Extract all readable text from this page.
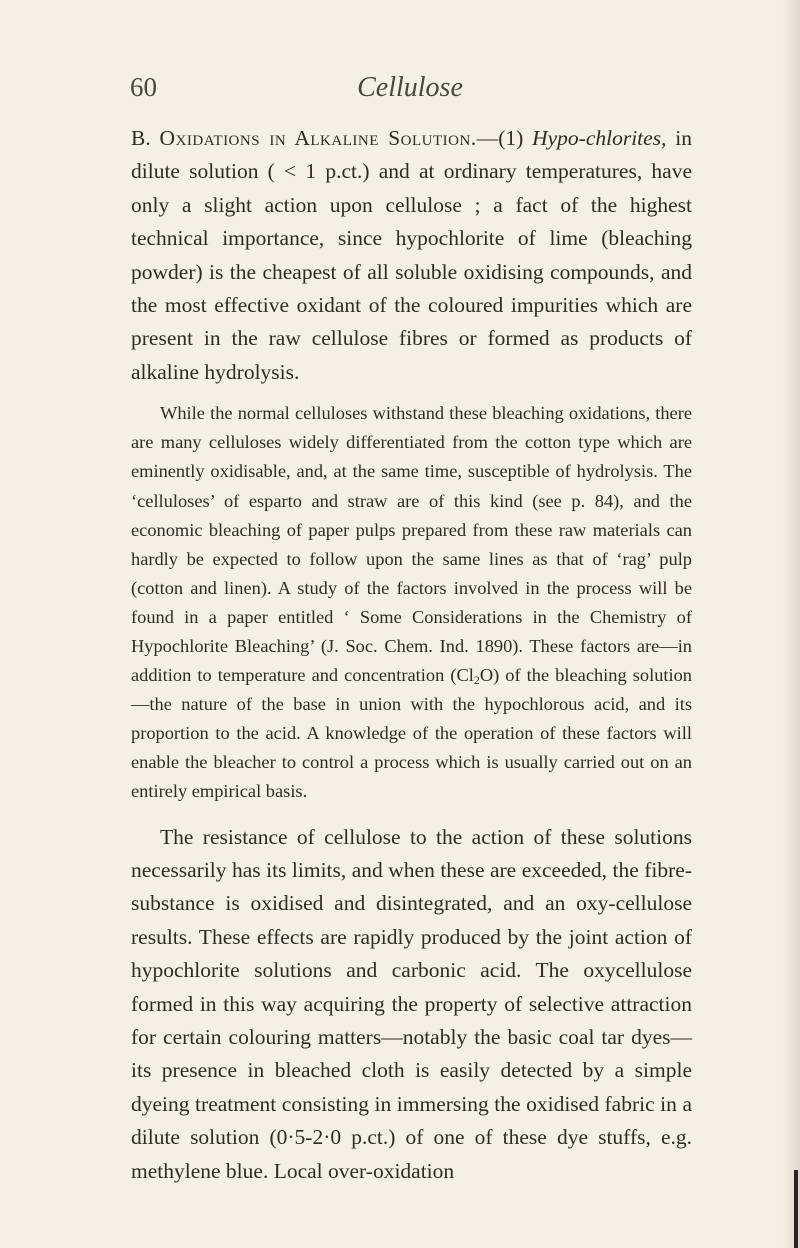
60	Cellulose

B. Oxidations in Alkaline Solution.—(1) Hypo-chlorites, in dilute solution ( < 1 p.ct.) and at ordinary temperatures, have only a slight action upon cellulose ; a fact of the highest technical importance, since hypochlorite of lime (bleaching powder) is the cheapest of all soluble oxidising compounds, and the most effective oxidant of the coloured impurities which are present in the raw cellulose fibres or formed as products of alkaline hydrolysis.

While the normal celluloses withstand these bleaching oxidations, there are many celluloses widely differentiated from the cotton type which are eminently oxidisable, and, at the same time, susceptible of hydrolysis. The ‘celluloses’ of esparto and straw are of this kind (see p. 84), and the economic bleaching of paper pulps prepared from these raw materials can hardly be expected to follow upon the same lines as that of ‘rag’ pulp (cotton and linen). A study of the factors involved in the process will be found in a paper entitled ‘ Some Considerations in the Chemistry of Hypochlorite Bleaching’ (J. Soc. Chem. Ind. 1890). These factors are—in addition to temperature and concentration $(Cl_2O)$ of the bleaching solution—the nature of the base in union with the hypochlorous acid, and its proportion to the acid. A knowledge of the operation of these factors will enable the bleacher to control a process which is usually carried out on an entirely empirical basis.

The resistance of cellulose to the action of these solutions necessarily has its limits, and when these are exceeded, the fibre-substance is oxidised and disintegrated, and an oxy-cellulose results. These effects are rapidly produced by the joint action of hypochlorite solutions and carbonic acid. The oxycellulose formed in this way acquiring the property of selective attraction for certain colouring matters—notably the basic coal tar dyes—its presence in bleached cloth is easily detected by a simple dyeing treatment consisting in immersing the oxidised fabric in a dilute solution (0·5-2·0 p.ct.) of one of these dye stuffs, e.g. methylene blue. Local over-oxidation
